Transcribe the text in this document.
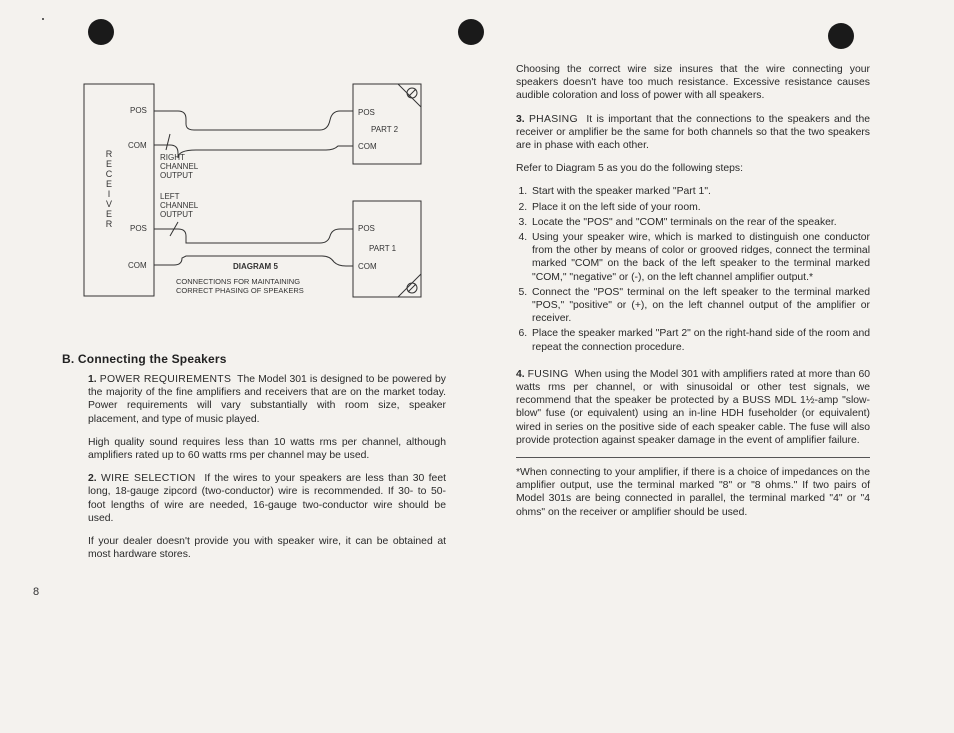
R
E
C
E
I
V
E
R
POS
COM
POS
COM
RIGHT
CHANNEL
OUTPUT
LEFT
CHANNEL
OUTPUT
POS
PART 2
COM
POS
PART 1
COM
DIAGRAM 5
CONNECTIONS FOR MAINTAINING
CORRECT PHASING OF SPEAKERS
B. Connecting the Speakers

1. POWER REQUIREMENTS The Model 301 is designed to be powered by the majority of the fine amplifiers and receivers that are on the market today. Power requirements will vary substantially with room size, speaker placement, and type of music played.

High quality sound requires less than 10 watts rms per channel, although amplifiers rated up to 60 watts rms per channel may be used.

2. WIRE SELECTION If the wires to your speakers are less than 30 feet long, 18-gauge zipcord (two-conductor) wire is recommended. If 30- to 50-foot lengths of wire are needed, 16-gauge two-conductor wire should be used.

If your dealer doesn't provide you with speaker wire, it can be obtained at most hardware stores.

Choosing the correct wire size insures that the wire connecting your speakers doesn't have too much resistance. Excessive resistance causes audible coloration and loss of power with all speakers.

3. PHASING It is important that the connections to the speakers and the receiver or amplifier be the same for both channels so that the two speakers are in phase with each other.

Refer to Diagram 5 as you do the following steps:

1. Start with the speaker marked "Part 1".
2. Place it on the left side of your room.
3. Locate the "POS" and "COM" terminals on the rear of the speaker.
4. Using your speaker wire, which is marked to distinguish one conductor from the other by means of color or grooved ridges, connect the terminal marked "COM" on the back of the left speaker to the terminal marked "COM," "negative" or (-), on the left channel amplifier output.*
5. Connect the "POS" terminal on the left speaker to the terminal marked "POS," "positive" or (+), on the left channel output of the amplifier or receiver.
6. Place the speaker marked "Part 2" on the right-hand side of the room and repeat the connection procedure.

4. FUSING When using the Model 301 with amplifiers rated at more than 60 watts rms per channel, or with sinusoidal or other test signals, we recommend that the speaker be protected by a BUSS MDL 1½-amp "slow-blow" fuse (or equivalent) using an in-line HDH fuseholder (or equivalent) wired in series on the positive side of each speaker cable. The fuse will also provide protection against speaker damage in the event of amplifier failure.

*When connecting to your amplifier, if there is a choice of impedances on the amplifier output, use the terminal marked "8" or "8 ohms." If two pairs of Model 301s are being connected in parallel, the terminal marked "4" or "4 ohms" on the receiver or amplifier should be used.

8
